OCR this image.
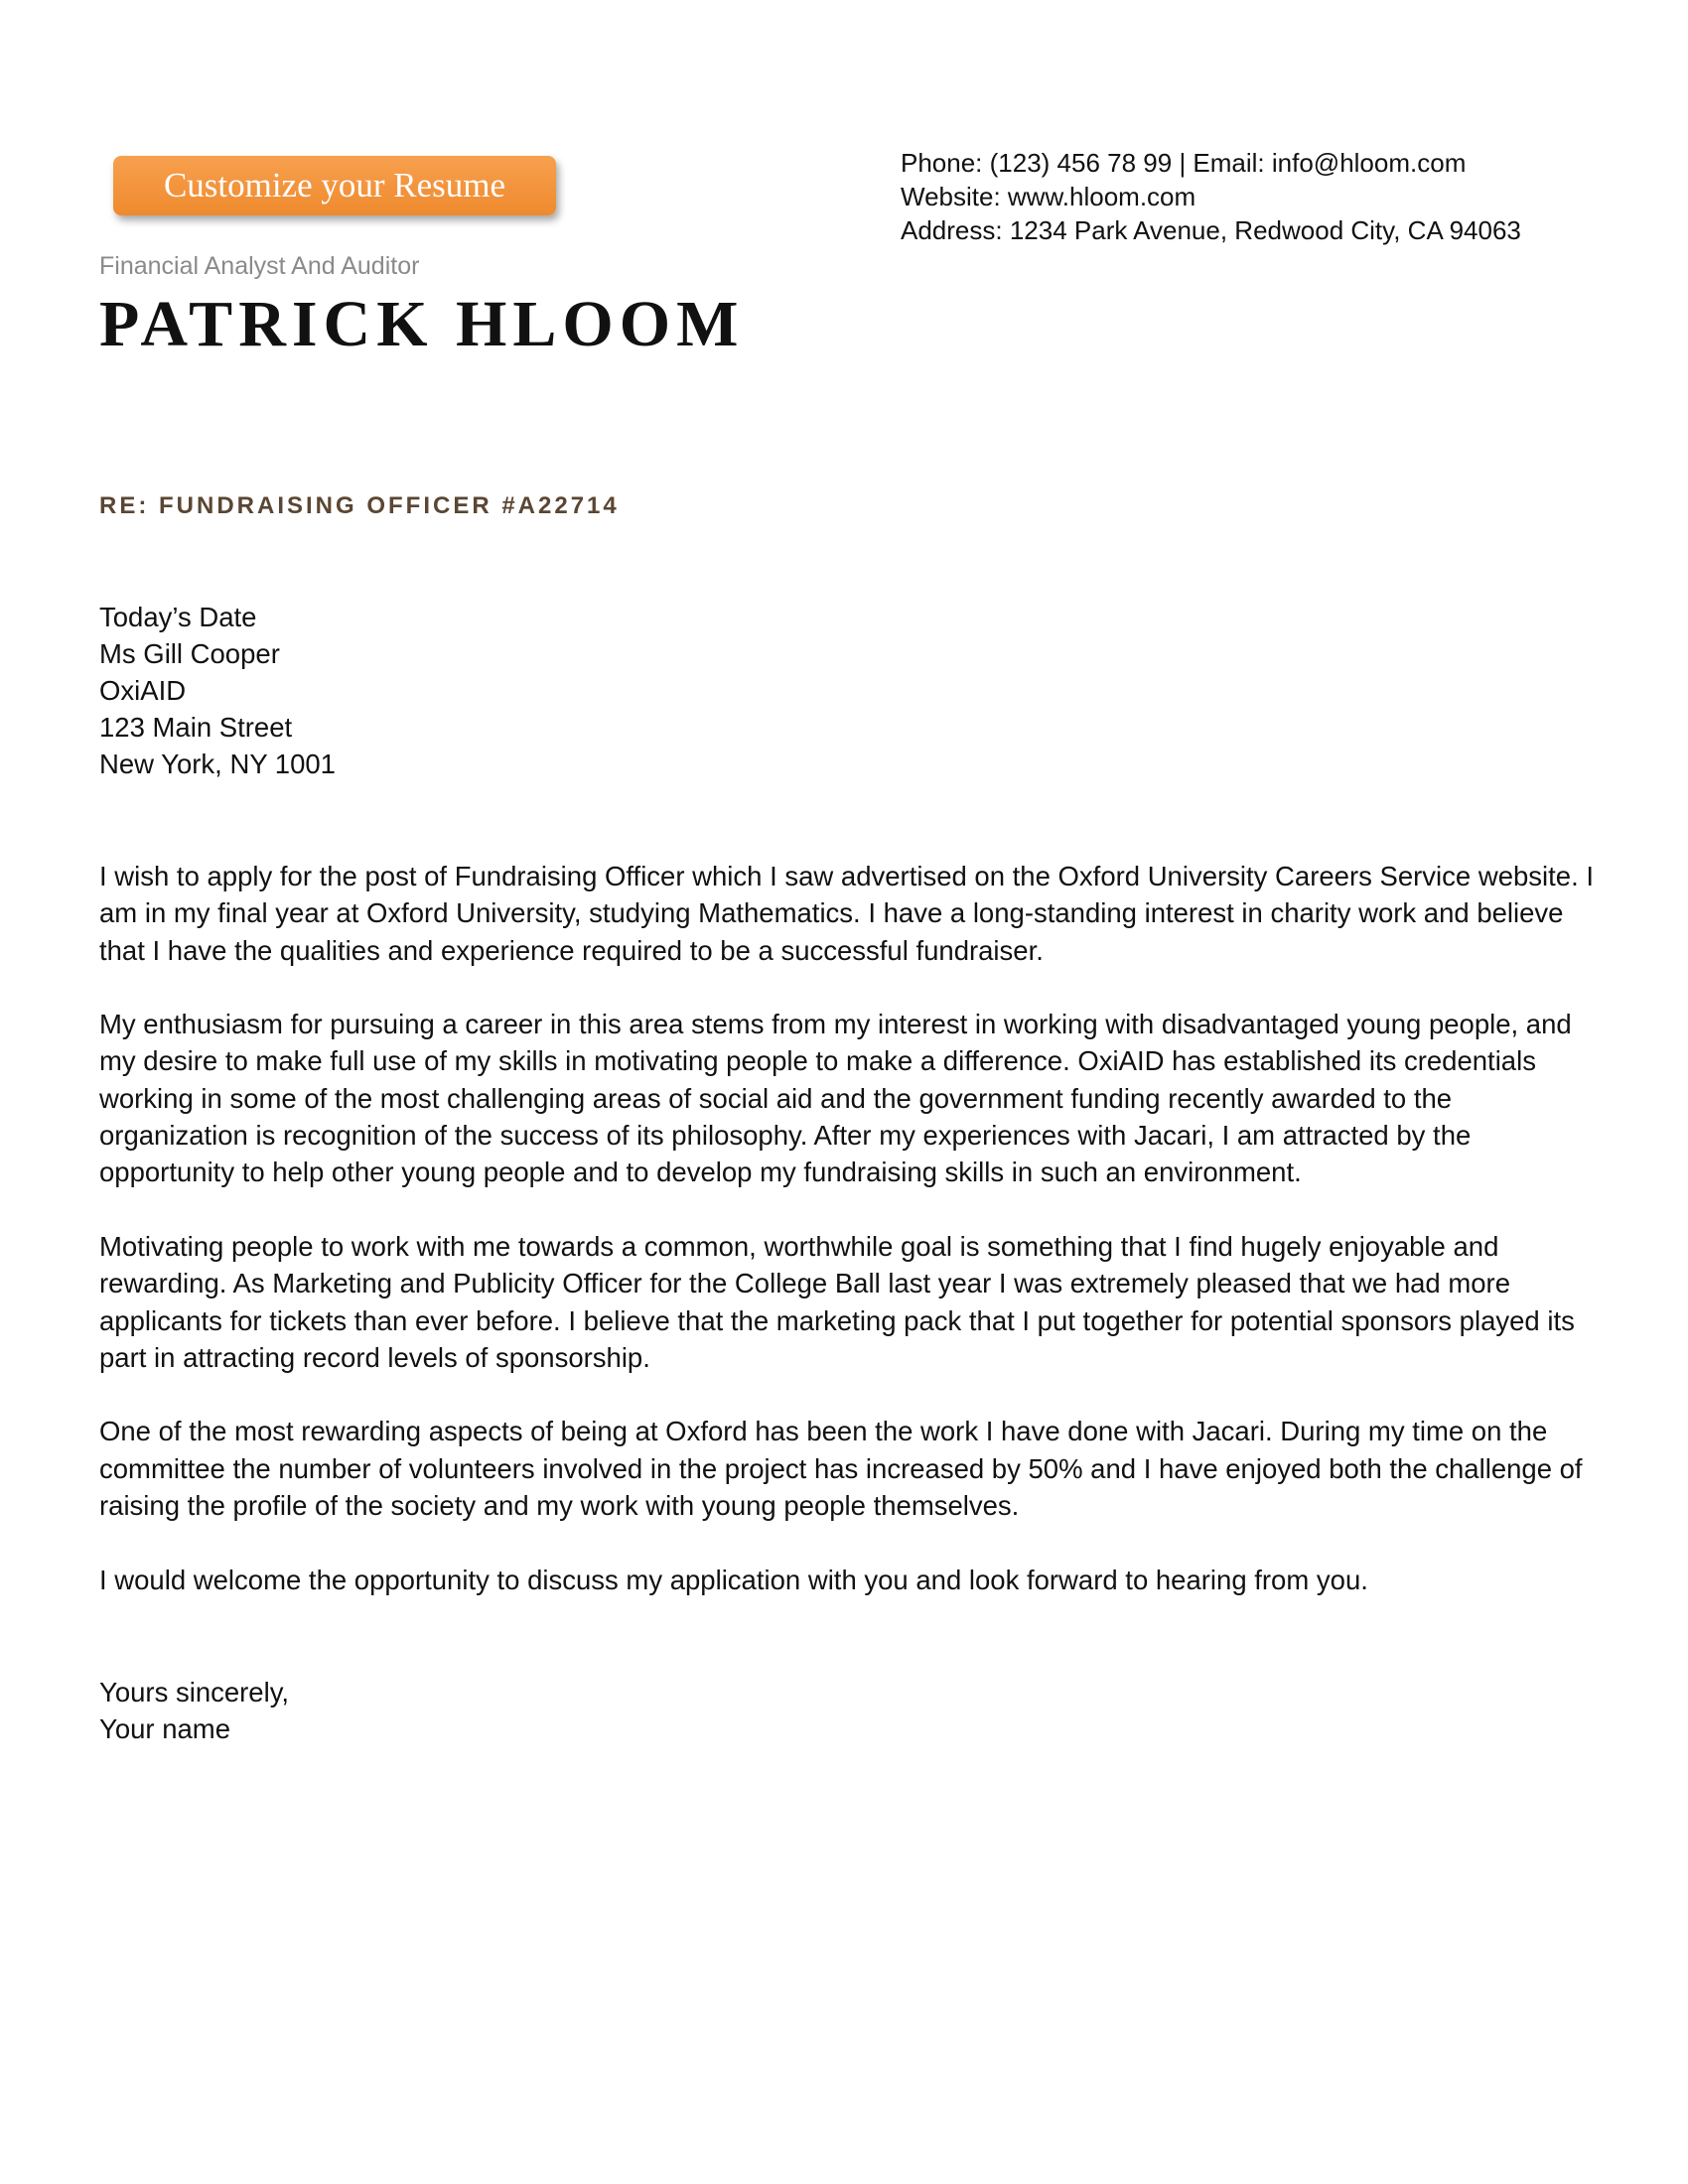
Customize your Resume
Phone: (123) 456 78 99 | Email: info@hloom.com
Website: www.hloom.com
Address: 1234 Park Avenue, Redwood City, CA 94063
Financial Analyst And Auditor
PATRICK HLOOM
RE: FUNDRAISING OFFICER #A22714
Today’s Date
Ms Gill Cooper
OxiAID
123 Main Street
New York, NY 1001

I wish to apply for the post of Fundraising Officer which I saw advertised on the Oxford University Careers Service website. I am in my final year at Oxford University, studying Mathematics. I have a long-standing interest in charity work and believe that I have the qualities and experience required to be a successful fundraiser.

My enthusiasm for pursuing a career in this area stems from my interest in working with disadvantaged young people, and my desire to make full use of my skills in motivating people to make a difference. OxiAID has established its credentials working in some of the most challenging areas of social aid and the government funding recently awarded to the organization is recognition of the success of its philosophy. After my experiences with Jacari, I am attracted by the opportunity to help other young people and to develop my fundraising skills in such an environment.

Motivating people to work with me towards a common, worthwhile goal is something that I find hugely enjoyable and rewarding. As Marketing and Publicity Officer for the College Ball last year I was extremely pleased that we had more applicants for tickets than ever before. I believe that the marketing pack that I put together for potential sponsors played its part in attracting record levels of sponsorship.

One of the most rewarding aspects of being at Oxford has been the work I have done with Jacari. During my time on the committee the number of volunteers involved in the project has increased by 50% and I have enjoyed both the challenge of raising the profile of the society and my work with young people themselves.

I would welcome the opportunity to discuss my application with you and look forward to hearing from you.

Yours sincerely,
Your name
